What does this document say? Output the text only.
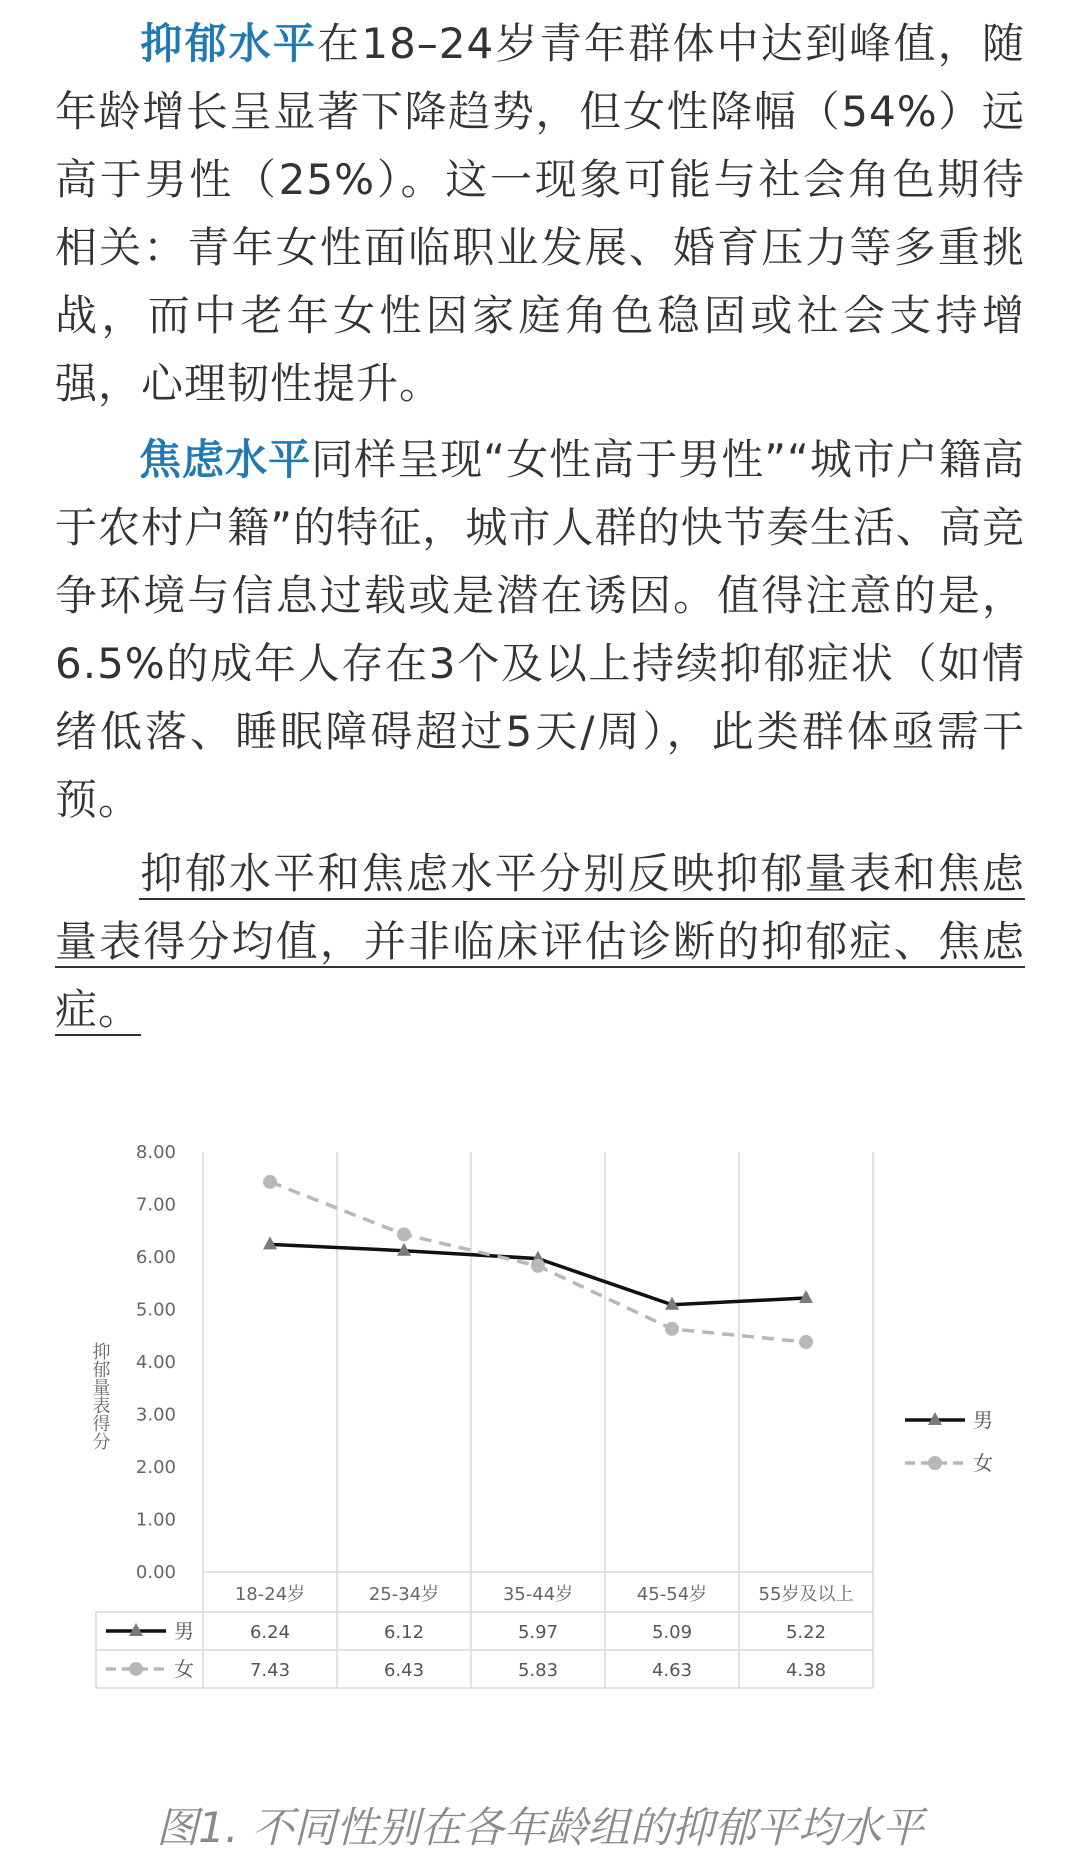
抑郁水平在18–24岁青年群体中达到峰值，随年龄增长呈显著下降趋势，但女性降幅（54%）远高于男性（25%）。这一现象可能与社会角色期待相关：青年女性面临职业发展、婚育压力等多重挑战，而中老年女性因家庭角色稳固或社会支持增强，心理韧性提升。

焦虑水平同样呈现“女性高于男性”“城市户籍高于农村户籍”的特征，城市人群的快节奏生活、高竞争环境与信息过载或是潜在诱因。值得注意的是，6.5%的成年人存在3个及以上持续抑郁症状（如情绪低落、睡眠障碍超过5天/周），此类群体亟需干预。

抑郁水平和焦虑水平分别反映抑郁量表和焦虑量表得分均值，并非临床评估诊断的抑郁症、焦虑症。

0.00
1.00
2.00
3.00
4.00
5.00
6.00
7.00
8.00
抑郁量表得分
18-24岁	25-34岁	35-44岁	45-54岁	55岁及以上
男
男	6.24	6.12	5.97	5.09	5.22
女
女	7.43	6.43	5.83	4.63	4.38
图1. 不同性别在各年龄组的抑郁平均水平
